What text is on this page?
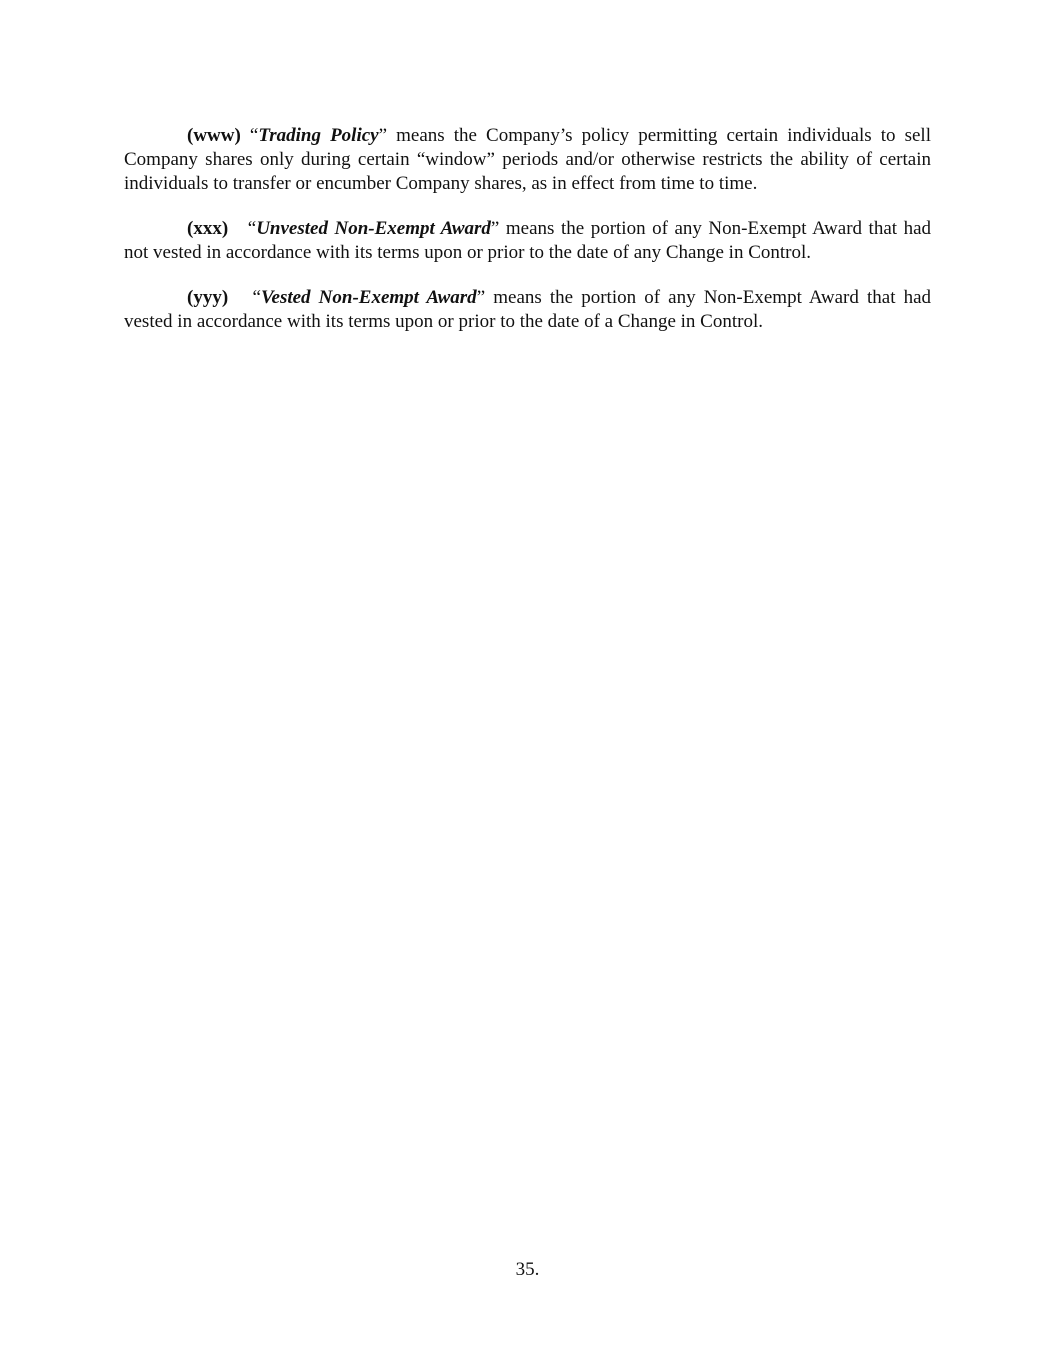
(www) “Trading Policy” means the Company’s policy permitting certain individuals to sell Company shares only during certain “window” periods and/or otherwise restricts the ability of certain individuals to transfer or encumber Company shares, as in effect from time to time.

(xxx)   “Unvested Non-Exempt Award” means the portion of any Non-Exempt Award that had not vested in accordance with its terms upon or prior to the date of any Change in Control.

(yyy)   “Vested Non-Exempt Award” means the portion of any Non-Exempt Award that had vested in accordance with its terms upon or prior to the date of a Change in Control.

35.
